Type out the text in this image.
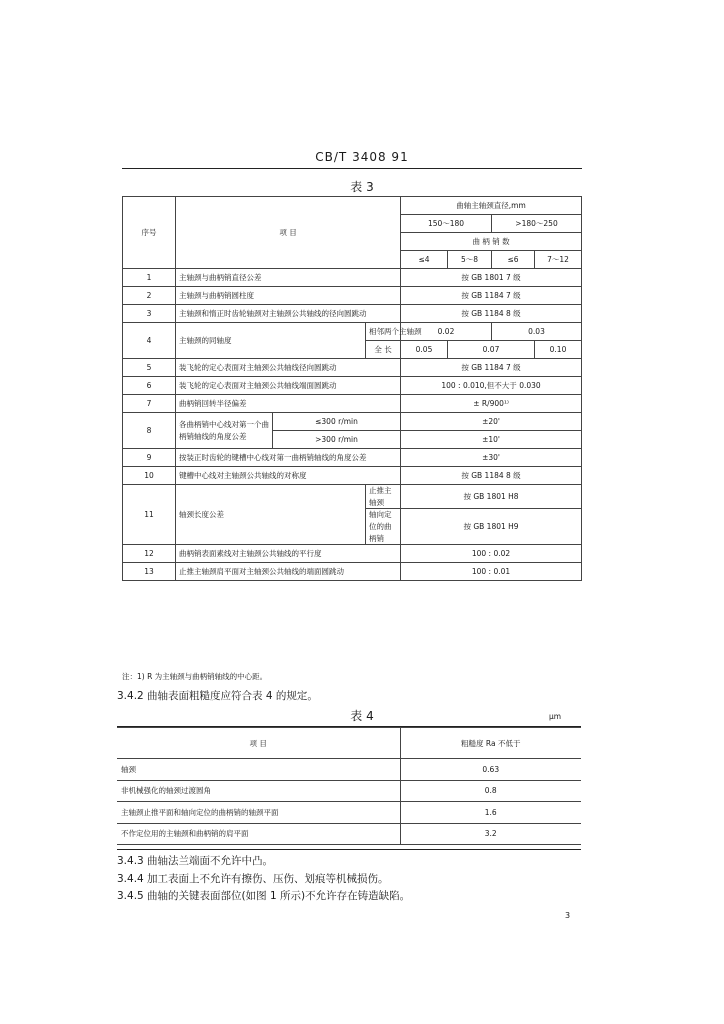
CB/T 3408 91
表 3
序号	项 目			曲轴主轴颈直径,mm			
				150～180		>180～250	
				曲 柄 销 数			
				≤4	5～8	≤6	7～12
1	主轴颈与曲柄销直径公差			按 GB 1801 7 级			
2	主轴颈与曲柄销圆柱度			按 GB 1184 7 级			
3	主轴颈和惰正时齿轮轴颈对主轴颈公共轴线的径向圆跳动			按 GB 1184 8 级			
4	主轴颈的同轴度		相邻两个主轴颈	0.02		0.03	
			全 长	0.05	0.07		0.10
5	装飞轮的定心表面对主轴颈公共轴线径向圆跳动			按 GB 1184 7 级			
6	装飞轮的定心表面对主轴颈公共轴线端面圆跳动			100 : 0.010,但不大于 0.030			
7	曲柄销回转半径偏差			± R/900¹⁾			
8	各曲柄销中心线对第一个曲柄销轴线的角度公差	≤300 r/min		±20'			
		>300 r/min		±10'			
9	按装正时齿轮的键槽中心线对第一曲柄销轴线的角度公差			±30'			
10	键槽中心线对主轴颈公共轴线的对称度			按 GB 1184 8 级			
11	轴颈长度公差		止推主轴颈	按 GB 1801 H8			
			轴向定位的曲柄销	按 GB 1801 H9			
12	曲柄销表面素线对主轴颈公共轴线的平行度			100 : 0.02			
13	止推主轴颈肩平面对主轴颈公共轴线的端面圆跳动			100 : 0.01			
注：1) R 为主轴颈与曲柄销轴线的中心距。
3.4.2 曲轴表面粗糙度应符合表 4 的规定。
表 4	μm
项 目	粗糙度 Ra 不低于
轴颈	0.63
非机械强化的轴颈过渡圆角	0.8
主轴颈止推平面和轴向定位的曲柄销的轴颈平面	1.6
不作定位用的主轴颈和曲柄销的肩平面	3.2
3.4.3 曲轴法兰端面不允许中凸。
3.4.4 加工表面上不允许有擦伤、压伤、划痕等机械损伤。
3.4.5 曲轴的关键表面部位(如图 1 所示)不允许存在铸造缺陷。
3
